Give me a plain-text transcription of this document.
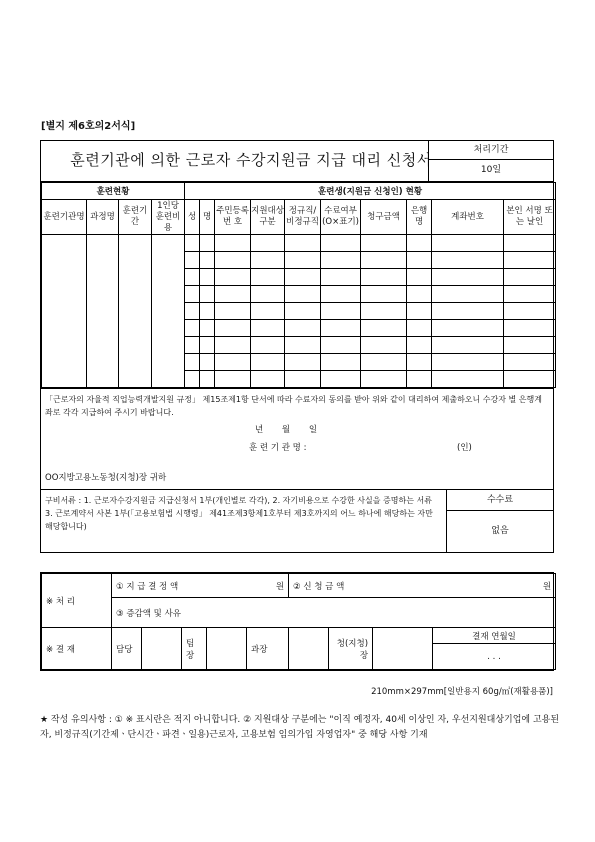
[별지 제6호의2서식]
훈련기관에 의한 근로자 수강지원금 지급 대리 신청서
처리기간
10일
훈련현황				훈련생(지원금 신청인) 현황									
훈련기관명	과정명	훈련기간	1인당 훈련비용	성	명	주민등록 번 호	지원대상 구분	정규직/ 비정규직	수료여부 (O×표기)	청구금액	은행명	계좌번호	본인 서명 또는 날인

「근로자의 자율적 직업능력개발지원 규정」 제15조제1항 단서에 따라 수료자의 동의를 받아 위와 같이 대리하여 제출하오니 수강자 별 은행계좌로 각각 지급하여 주시기 바랍니다.
년 월 일
훈 련 기 관 명 :	(인)
OO지방고용노동청(지청)장 귀하
구비서류 : 1. 근로자수강지원금 지급신청서 1부(개인별로 각각), 2. 자기비용으로 수강한 사실을 증명하는 서류 3. 근로계약서 사본 1부(「고용보험법 시행령」 제41조제3항제1호부터 제3호까지의 어느 하나에 해당하는 자만 해당합니다)
수수료
없음
※ 처 리	① 지 급 결 정 액 원					② 신 청 금 액 원			

	③ 증감액 및 사유								
※ 결 재	담당		팀장		과장		청(지청)장		결재 연월일
									. . .
210mm×297mm[일반용지 60g/㎡(재활용품)]
★ 작성 유의사항 : ① ※ 표시란은 적지 아니합니다. ② 지원대상 구분에는 "이직 예정자, 40세 이상인 자, 우선지원대상기업에 고용된 자, 비정규직(기간제ㆍ단시간ㆍ파견ㆍ일용)근로자, 고용보험 임의가입 자영업자" 중 해당 사항 기재
